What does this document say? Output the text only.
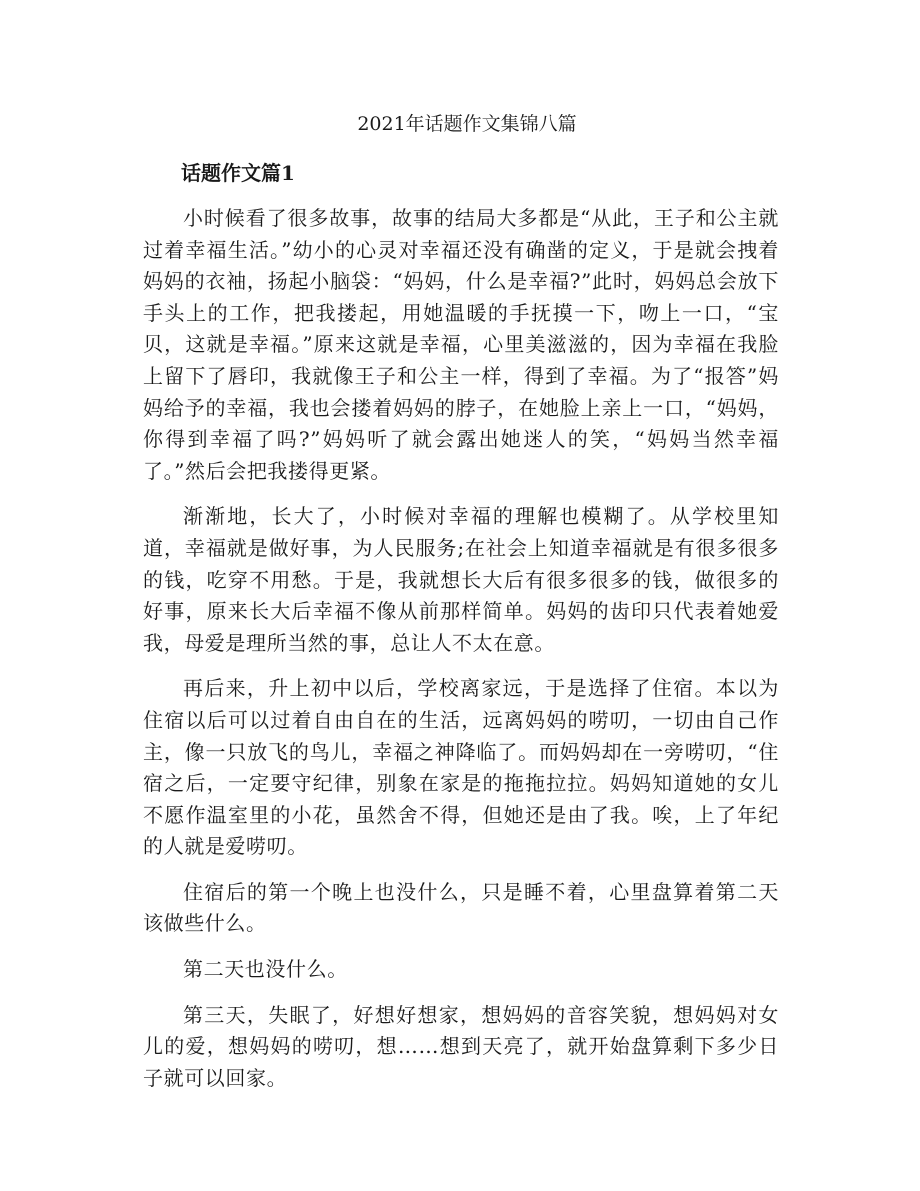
2021年话题作文集锦八篇
话题作文篇1

小时候看了很多故事，故事的结局大多都是“从此，王子和公主就过着幸福生活。”幼小的心灵对幸福还没有确凿的定义，于是就会拽着妈妈的衣袖，扬起小脑袋：“妈妈，什么是幸福?”此时，妈妈总会放下手头上的工作，把我搂起，用她温暖的手抚摸一下，吻上一口，“宝贝，这就是幸福。”原来这就是幸福，心里美滋滋的，因为幸福在我脸上留下了唇印，我就像王子和公主一样，得到了幸福。为了“报答”妈妈给予的幸福，我也会搂着妈妈的脖子，在她脸上亲上一口，“妈妈，你得到幸福了吗?”妈妈听了就会露出她迷人的笑，“妈妈当然幸福了。”然后会把我搂得更紧。

渐渐地，长大了，小时候对幸福的理解也模糊了。从学校里知道，幸福就是做好事，为人民服务;在社会上知道幸福就是有很多很多的钱，吃穿不用愁。于是，我就想长大后有很多很多的钱，做很多的好事，原来长大后幸福不像从前那样简单。妈妈的齿印只代表着她爱我，母爱是理所当然的事，总让人不太在意。

再后来，升上初中以后，学校离家远，于是选择了住宿。本以为住宿以后可以过着自由自在的生活，远离妈妈的唠叨，一切由自己作主，像一只放飞的鸟儿，幸福之神降临了。而妈妈却在一旁唠叨，“住宿之后，一定要守纪律，别象在家是的拖拖拉拉。妈妈知道她的女儿不愿作温室里的小花，虽然舍不得，但她还是由了我。唉，上了年纪的人就是爱唠叨。

住宿后的第一个晚上也没什么，只是睡不着，心里盘算着第二天该做些什么。

第二天也没什么。

第三天，失眠了，好想好想家，想妈妈的音容笑貌，想妈妈对女儿的爱，想妈妈的唠叨，想……想到天亮了，就开始盘算剩下多少日子就可以回家。
